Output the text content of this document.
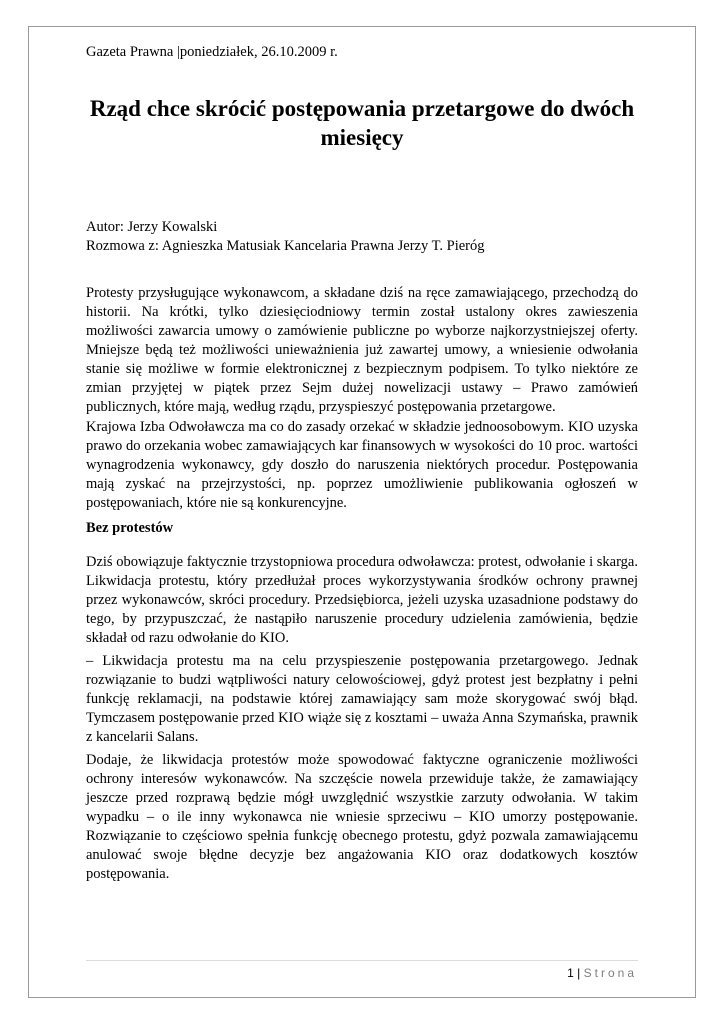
Gazeta Prawna |poniedziałek, 26.10.2009 r.
Rząd chce skrócić postępowania przetargowe do dwóch miesięcy
Autor: Jerzy Kowalski
Rozmowa z: Agnieszka Matusiak Kancelaria Prawna Jerzy T. Pieróg

Protesty przysługujące wykonawcom, a składane dziś na ręce zamawiającego, przechodzą do historii. Na krótki, tylko dziesięciodniowy termin został ustalony okres zawieszenia możliwości zawarcia umowy o zamówienie publiczne po wyborze najkorzystniejszej oferty. Mniejsze będą też możliwości unieważnienia już zawartej umowy, a wniesienie odwołania stanie się możliwe w formie elektronicznej z bezpiecznym podpisem. To tylko niektóre ze zmian przyjętej w piątek przez Sejm dużej nowelizacji ustawy – Prawo zamówień publicznych, które mają, według rządu, przyspieszyć postępowania przetargowe.

Krajowa Izba Odwoławcza ma co do zasady orzekać w składzie jednoosobowym. KIO uzyska prawo do orzekania wobec zamawiających kar finansowych w wysokości do 10 proc. wartości wynagrodzenia wykonawcy, gdy doszło do naruszenia niektórych procedur. Postępowania mają zyskać na przejrzystości, np. poprzez umożliwienie publikowania ogłoszeń w postępowaniach, które nie są konkurencyjne.

Bez protestów

Dziś obowiązuje faktycznie trzystopniowa procedura odwoławcza: protest, odwołanie i skarga. Likwidacja protestu, który przedłużał proces wykorzystywania środków ochrony prawnej przez wykonawców, skróci procedury. Przedsiębiorca, jeżeli uzyska uzasadnione podstawy do tego, by przypuszczać, że nastąpiło naruszenie procedury udzielenia zamówienia, będzie składał od razu odwołanie do KIO.

– Likwidacja protestu ma na celu przyspieszenie postępowania przetargowego. Jednak rozwiązanie to budzi wątpliwości natury celowościowej, gdyż protest jest bezpłatny i pełni funkcję reklamacji, na podstawie której zamawiający sam może skorygować swój błąd. Tymczasem postępowanie przed KIO wiąże się z kosztami – uważa Anna Szymańska, prawnik z kancelarii Salans.

Dodaje, że likwidacja protestów może spowodować faktyczne ograniczenie możliwości ochrony interesów wykonawców. Na szczęście nowela przewiduje także, że zamawiający jeszcze przed rozprawą będzie mógł uwzględnić wszystkie zarzuty odwołania. W takim wypadku – o ile inny wykonawca nie wniesie sprzeciwu – KIO umorzy postępowanie. Rozwiązanie to częściowo spełnia funkcję obecnego protestu, gdyż pozwala zamawiającemu anulować swoje błędne decyzje bez angażowania KIO oraz dodatkowych kosztów postępowania.

1 | Strona
